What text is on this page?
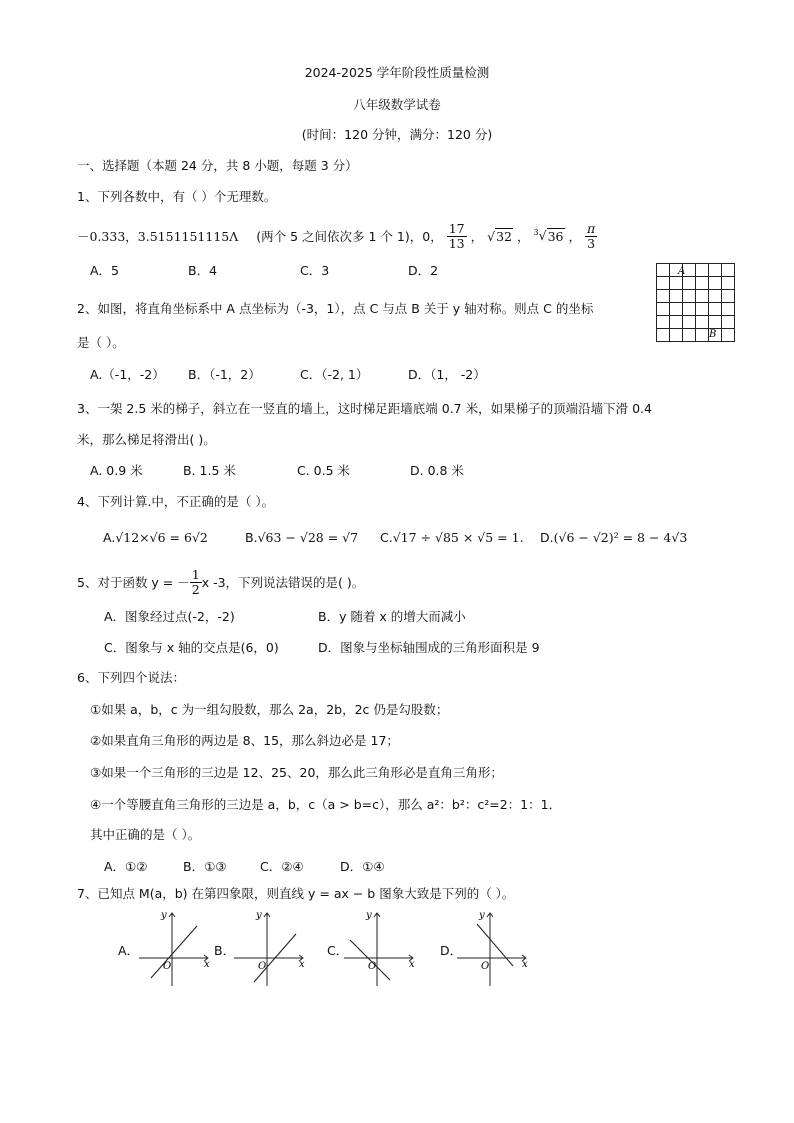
2024-2025 学年阶段性质量检测
八年级数学试卷
(时间：120 分钟，满分：120 分)
一、选择题（本题 24 分，共 8 小题，每题 3 分）
1、下列各数中，有（ ）个无理数。
－0.333，3.5151151115Λ (两个 5 之间依次多 1 个 1)，0， $\frac{17}{13}$ ， √32 ， $^3$√36 ， $\frac{\pi}{3}$
A．5	B．4	C．3	D．2	A
B
2、如图，将直角坐标系中 A 点坐标为（-3，1），点 C 与点 B 关于 y 轴对称。则点 C 的坐标
是（ ）。
A.（-1，-2） B．（-1，2）	C．（-2, 1）	D．（1， -2）
3、一架 2.5 米的梯子，斜立在一竖直的墙上，这时梯足距墙底端 0.7 米，如果梯子的顶端沿墙下滑 0.4
米，那么梯足将滑出( )。
A. 0.9 米	B. 1.5 米	C. 0.5 米	D. 0.8 米
4、下列计算.中，不正确的是（ ）。
A.√12×√6 = 6√2	B.√63 − √28 = √7 C.√17 ÷ √85 × √5 = 1. D.(√6 − √2)² = 8 − 4√3
5、对于函数 y = － $\frac{1}{2}$ x -3，下列说法错误的是( )。
A．图象经过点(-2，-2)	B．y 随着 x 的增大而减小
C．图象与 x 轴的交点是(6，0)	D．图象与坐标轴围成的三角形面积是 9
6、下列四个说法：
①如果 a，b，c 为一组勾股数，那么 2a，2b，2c 仍是勾股数；
②如果直角三角形的两边是 8、15，那么斜边必是 17；
③如果一个三角形的三边是 12、25、20，那么此三角形必是直角三角形；
④一个等腰直角三角形的三边是 a，b，c（a > b=c），那么 a²：b²：c²=2：1：1．
其中正确的是（ ）。
A．①②	B．①③	C．②④	D．①④
7、已知点 M(a，b) 在第四象限，则直线 y = ax − b 图象大致是下列的（ ）。
A．
x
y
O
B．
x
y
O
C．
x
y
O
D．
x
y
O
